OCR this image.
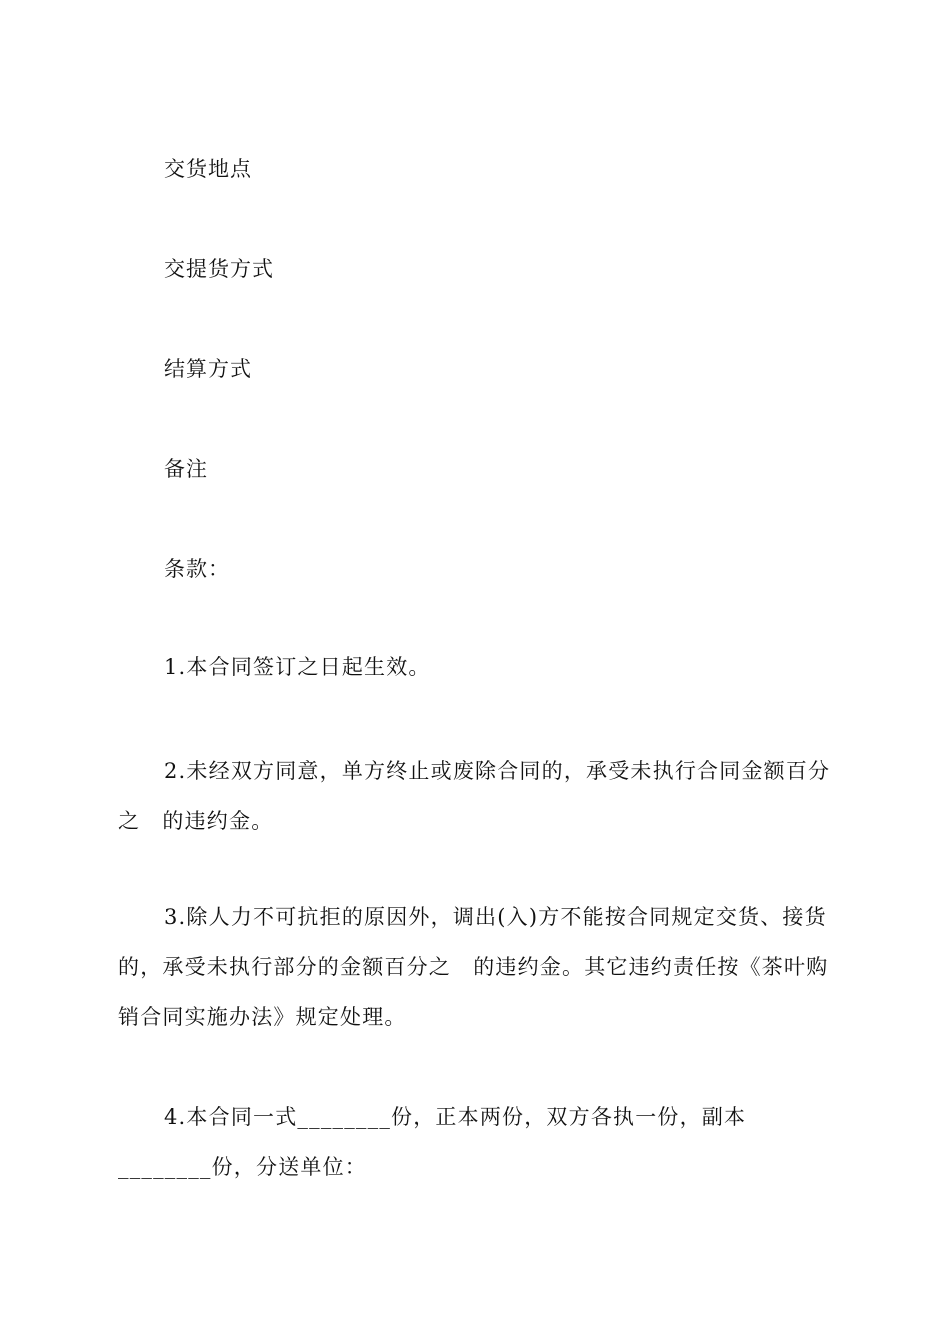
交货地点
交提货方式
结算方式
备注
条款：
1.本合同签订之日起生效。
2.未经双方同意，单方终止或废除合同的，承受未执行合同金额百分之　的违约金。
3.除人力不可抗拒的原因外，调出(入)方不能按合同规定交货、接货的，承受未执行部分的金额百分之　的违约金。其它违约责任按《茶叶购销合同实施办法》规定处理。
4.本合同一式________份，正本两份，双方各执一份，副本________份，分送单位：
